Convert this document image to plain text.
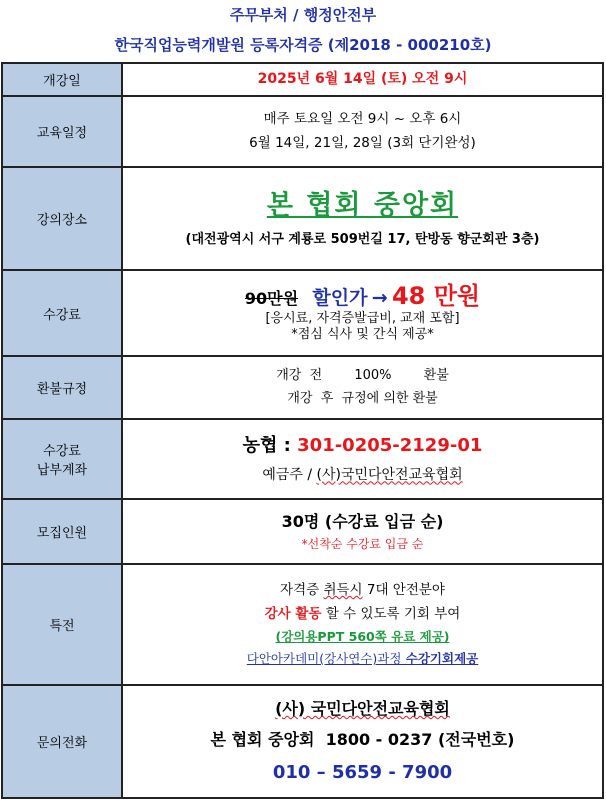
주무부처 / 행정안전부
한국직업능력개발원 등록자격증 (제2018 - 000210호)
개강일	2025년 6월 14일 (토) 오전 9시
교육일정	매주 토요일 오전 9시 ~ 오후 6시
6월 14일, 21일, 28일 (3회 단기완성)

강의장소	본 협회 중앙회
(대전광역시 서구 계룡로 509번길 17, 탄방동 향군회관 3층)

수강료	90만원 할인가 → 48 만원
[응시료, 자격증발급비, 교재 포함]
*점심 식사 및 간식 제공*

환불규정	개강  전 100% 환불
개강  후  규정에 의한 환불

수강료
납부계좌	농협 : 301-0205-2129-01
예금주 / (사)국민다안전교육협회

모집인원	30명 (수강료 입금 순)
*선착순 수강료 입금 순

특전	자격증 취득시 7대 안전분야
강사 활동 할 수 있도록 기회 부여
(강의용PPT 560쪽 유료 제공)
다안아카데미(강사연수)과정 수강기회제공

문의전화	(사) 국민다안전교육협회
본 협회 중앙회  1800 - 0237 (전국번호)
010 – 5659 - 7900
